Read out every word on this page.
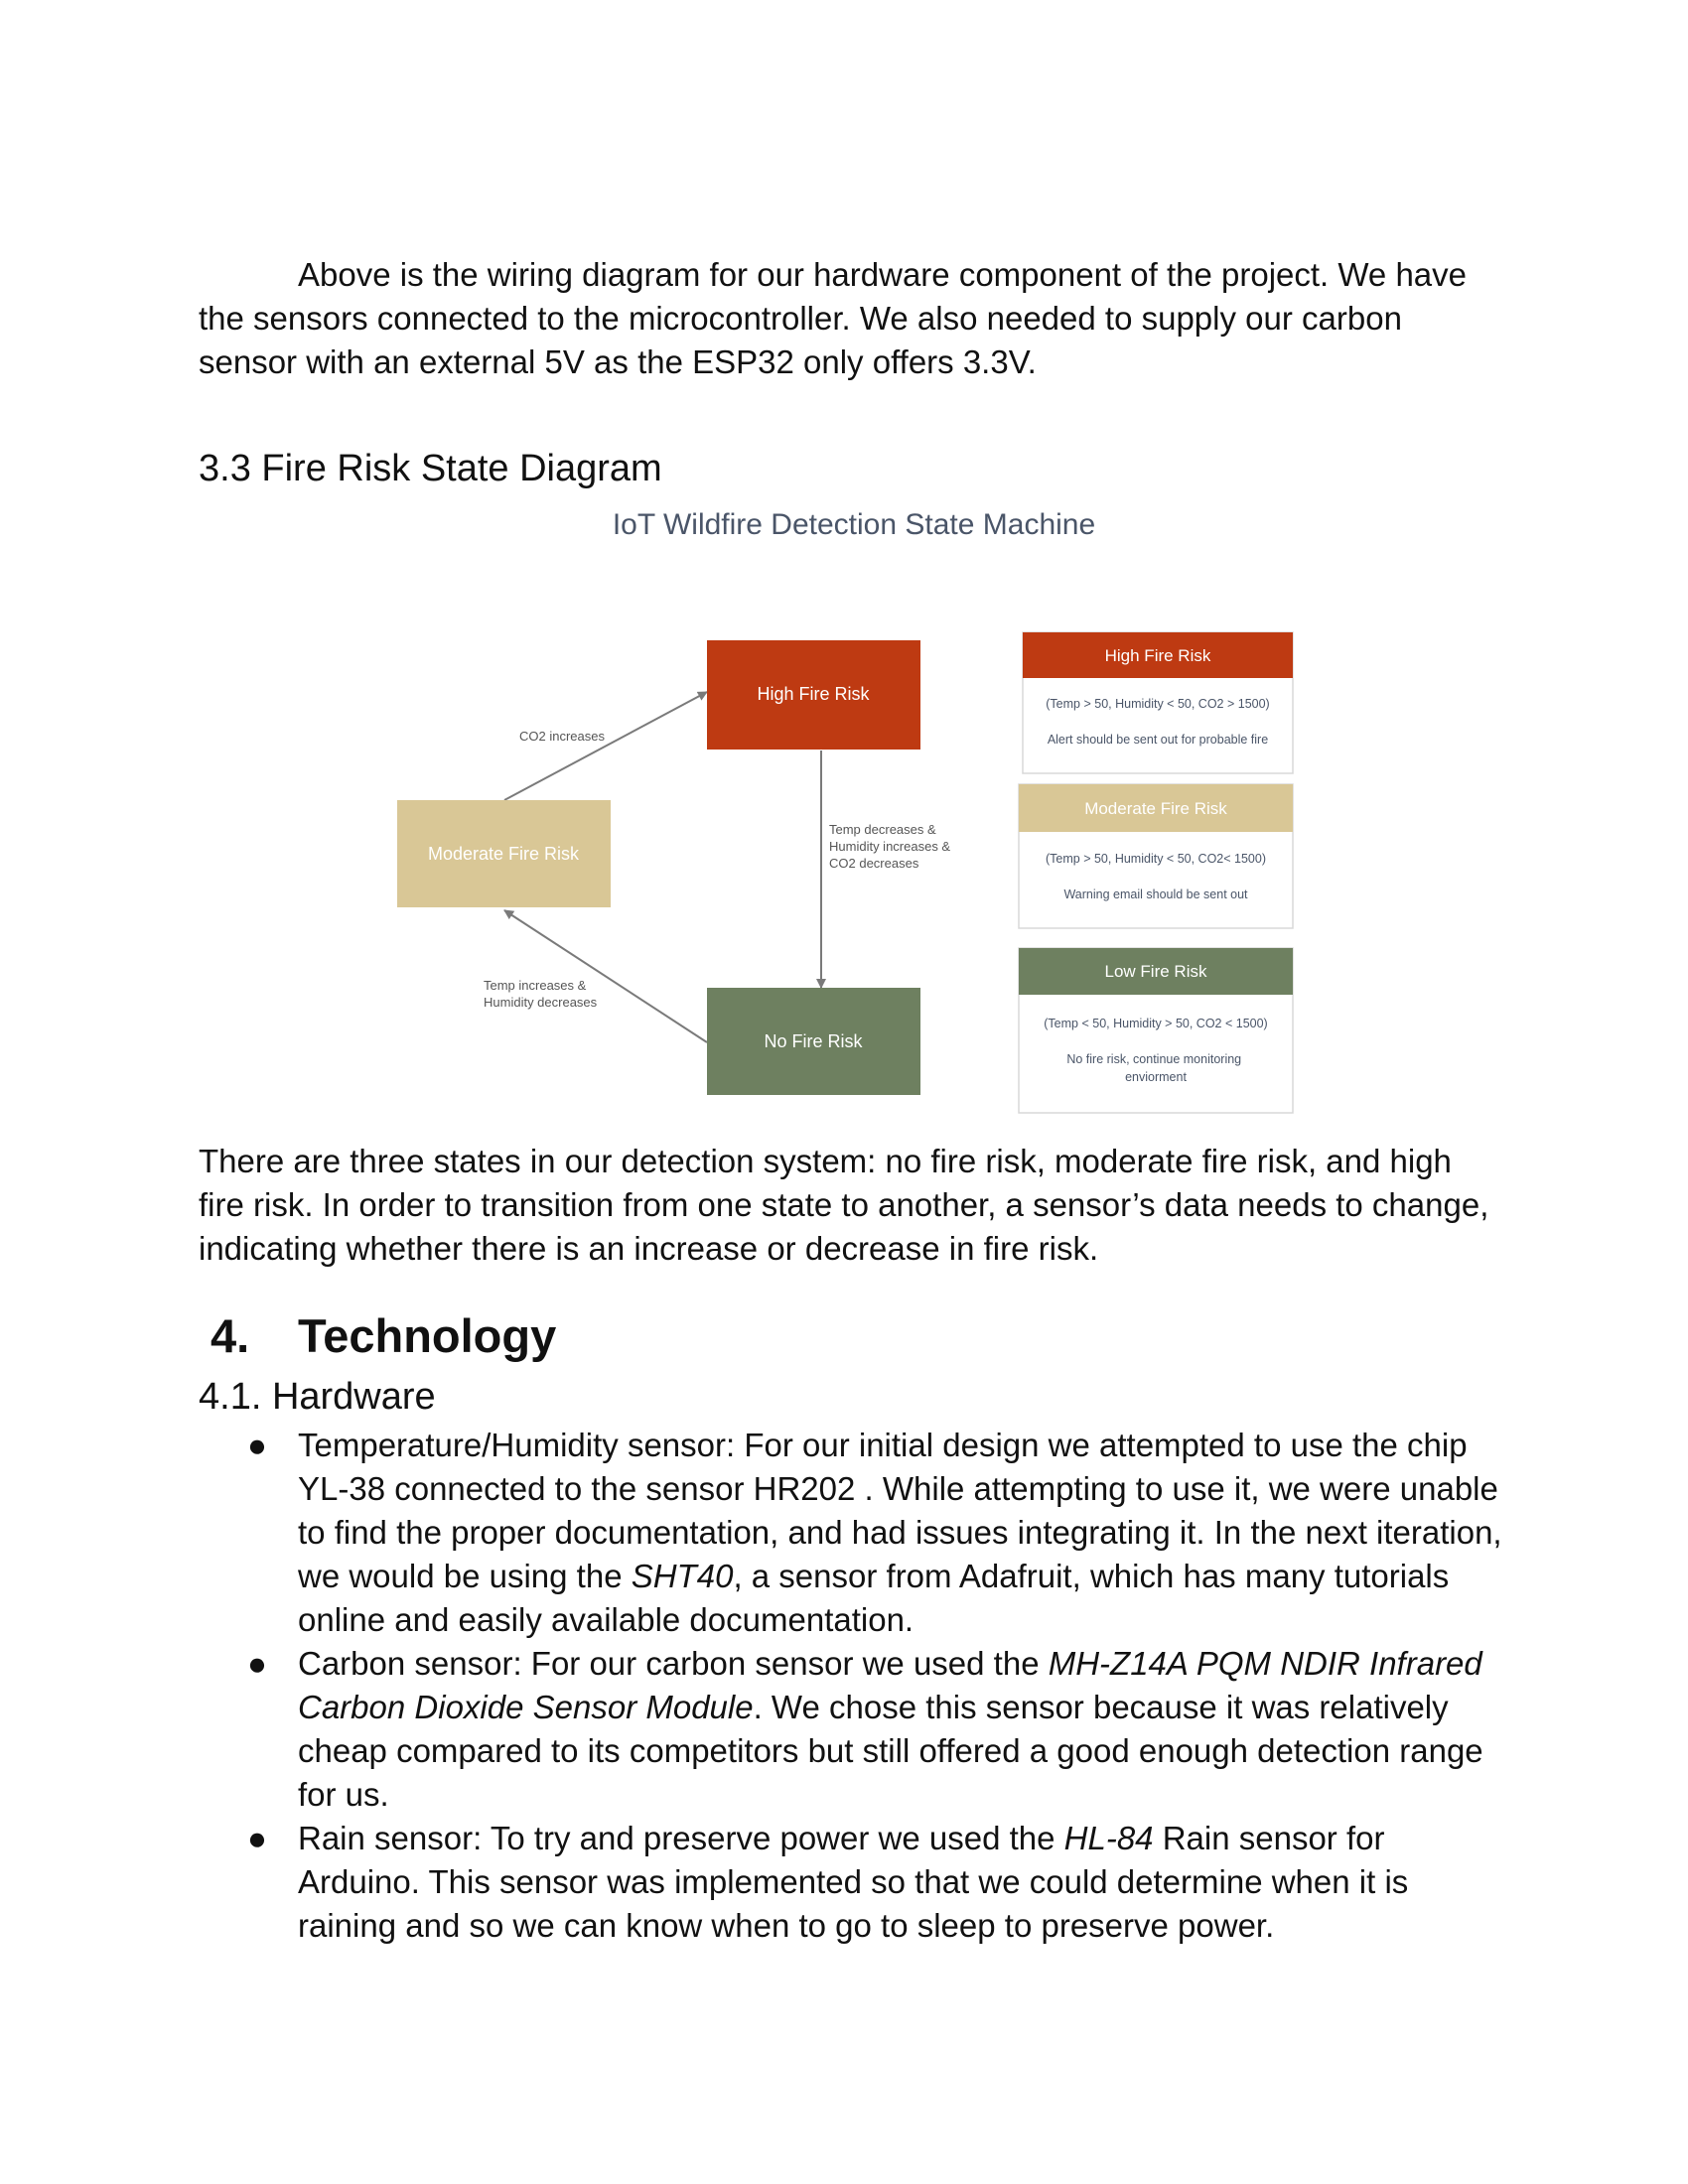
Above is the wiring diagram for our hardware component of the project. We have the sensors connected to the microcontroller. We also needed to supply our carbon sensor with an external 5V as the ESP32 only offers 3.3V.

3.3 Fire Risk State Diagram
IoT Wildfire Detection State Machine
CO2 increases
Temp decreases & Humidity increases & CO2 decreases
Temp increases & Humidity decreases
High Fire Risk
Moderate Fire Risk
No Fire Risk
High Fire Risk
(Temp > 50, Humidity < 50, CO2 > 1500)
Alert should be sent out for probable fire
Moderate Fire Risk
(Temp > 50, Humidity < 50, CO2< 1500)
Warning email should be sent out
Low Fire Risk
(Temp < 50, Humidity > 50, CO2 < 1500)
No fire risk, continue monitoring enviorment

There are three states in our detection system: no fire risk, moderate fire risk, and high fire risk. In order to transition from one state to another, a sensor’s data needs to change, indicating whether there is an increase or decrease in fire risk.

4. Technology
4.1. Hardware
● Temperature/Humidity sensor: For our initial design we attempted to use the chip YL-38 connected to the sensor HR202 . While attempting to use it, we were unable to find the proper documentation, and had issues integrating it. In the next iteration, we would be using the SHT40, a sensor from Adafruit, which has many tutorials online and easily available documentation.
● Carbon sensor: For our carbon sensor we used the MH-Z14A PQM NDIR Infrared Carbon Dioxide Sensor Module. We chose this sensor because it was relatively cheap compared to its competitors but still offered a good enough detection range for us.
● Rain sensor: To try and preserve power we used the HL-84 Rain sensor for Arduino. This sensor was implemented so that we could determine when it is raining and so we can know when to go to sleep to preserve power.
